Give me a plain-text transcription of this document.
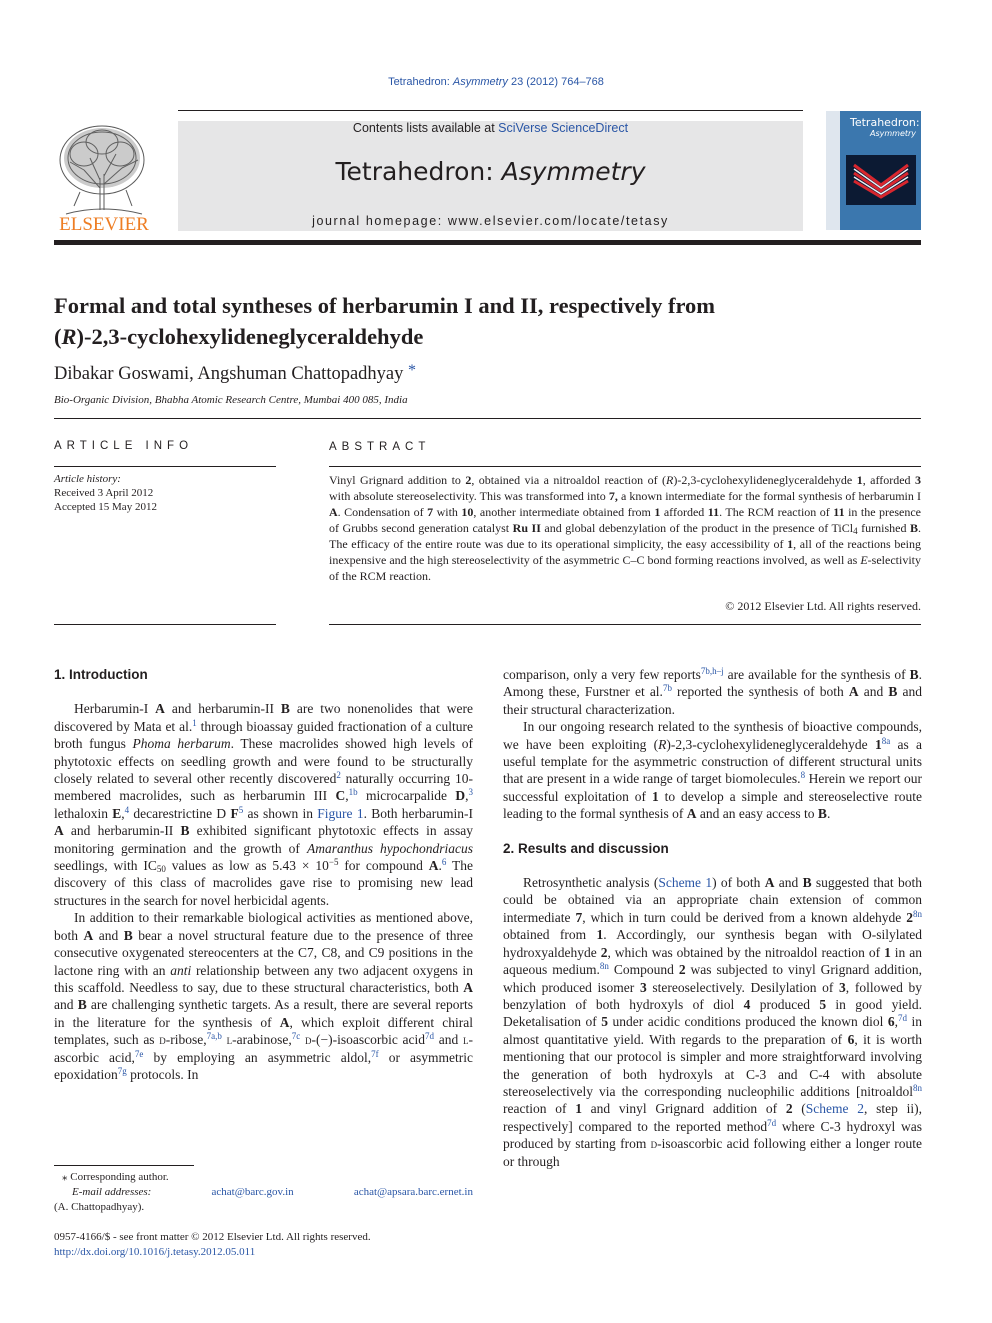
Tetrahedron: Asymmetry 23 (2012) 764–768
ELSEVIER
Contents lists available at SciVerse ScienceDirect
Tetrahedron: Asymmetry
journal homepage: www.elsevier.com/locate/tetasy
Tetrahedron:
Asymmetry
Formal and total syntheses of herbarumin I and II, respectively from
(R)-2,3-cyclohexylideneglyceraldehyde
Dibakar Goswami, Angshuman Chattopadhyay *
Bio-Organic Division, Bhabha Atomic Research Centre, Mumbai 400 085, India
ARTICLE INFO	ABSTRACT
Article history:
Received 3 April 2012
Accepted 15 May 2012
Vinyl Grignard addition to 2, obtained via a nitroaldol reaction of (R)-2,3-cyclohexylideneglyceraldehyde 1, afforded 3 with absolute stereoselectivity. This was transformed into 7, a known intermediate for the formal synthesis of herbarumin I A. Condensation of 7 with 10, another intermediate obtained from 1 afforded 11. The RCM reaction of 11 in the presence of Grubbs second generation catalyst Ru II and global debenzylation of the product in the presence of TiCl$_4$ furnished B. The efficacy of the entire route was due to its operational simplicity, the easy accessibility of 1, all of the reactions being inexpensive and the high stereoselectivity of the asymmetric C–C bond forming reactions involved, as well as E-selectivity of the RCM reaction.
© 2012 Elsevier Ltd. All rights reserved.
1. Introduction

Herbarumin-I A and herbarumin-II B are two nonenolides that were discovered by Mata et al.$^1$ through bioassay guided fractionation of a culture broth fungus Phoma herbarum. These macrolides showed high levels of phytotoxic effects on seedling growth and were found to be structurally closely related to several other recently discovered$^2$ naturally occurring 10-membered macrolides, such as herbarumin III C,$^{1b}$ microcarpalide D,$^3$ lethaloxin E,$^4$ decarestrictine D $F^5$ as shown in Figure 1. Both herbarumin-I A and herbarumin-II B exhibited significant phytotoxic effects in assay monitoring germination and the growth of Amaranthus hypochondriacus seedlings, with $IC_{50}$ values as low as $5.43 \times 10^{-5}$ for compound A.$^6$ The discovery of this class of macrolides gave rise to promising new lead structures in the search for novel herbicidal agents.

In addition to their remarkable biological activities as mentioned above, both A and B bear a novel structural feature due to the presence of three consecutive oxygenated stereocenters at the C7, C8, and C9 positions in the lactone ring with an anti relationship between any two adjacent oxygens in this scaffold. Needless to say, due to these structural characteristics, both A and B are challenging synthetic targets. As a result, there are several reports in the literature for the synthesis of A, which exploit different chiral templates, such as d-ribose,$^{7a,b}$ l-arabinose,$^{7c}$ d-(−)-isoascorbic acid$^{7d}$ and l-ascorbic acid,$^{7e}$ by employing an asymmetric aldol,$^{7f}$ or asymmetric epoxidation$^{7g}$ protocols. In

comparison, only a very few reports$^{7b,h-j}$ are available for the synthesis of B. Among these, Furstner et al.$^{7b}$ reported the synthesis of both A and B and their structural characterization.

In our ongoing research related to the synthesis of bioactive compounds, we have been exploiting (R)-2,3-cyclohexylideneglyceraldehyde $1^{8a}$ as a useful template for the asymmetric construction of different structural units that are present in a wide range of target biomolecules.$^8$ Herein we report our successful exploitation of 1 to develop a simple and stereoselective route leading to the formal synthesis of A and an easy access to B.

2. Results and discussion

Retrosynthetic analysis (Scheme 1) of both A and B suggested that both could be obtained via an appropriate chain extension of common intermediate 7, which in turn could be derived from a known aldehyde $2^{8n}$ obtained from 1. Accordingly, our synthesis began with O-silylated hydroxyaldehyde 2, which was obtained by the nitroaldol reaction of 1 in an aqueous medium.$^{8n}$ Compound 2 was subjected to vinyl Grignard addition, which produced isomer 3 stereoselectively. Desilylation of 3, followed by benzylation of both hydroxyls of diol 4 produced 5 in good yield. Deketalisation of 5 under acidic conditions produced the known diol 6,$^{7d}$ in almost quantitative yield. With regards to the preparation of 6, it is worth mentioning that our protocol is simpler and more straightforward involving the generation of both hydroxyls at C-3 and C-4 with absolute stereoselectively via the corresponding nucleophilic additions [nitroaldol$^{8n}$ reaction of 1 and vinyl Grignard addition of 2 (Scheme 2, step ii), respectively] compared to the reported method$^{7d}$ where C-3 hydroxyl was produced by starting from d-isoascorbic acid following either a longer route or through

⁎ Corresponding author.
E-mail addresses:	achat@barc.gov.in	achat@apsara.barc.ernet.in
(A. Chattopadhyay).
0957-4166/$ - see front matter © 2012 Elsevier Ltd. All rights reserved.
http://dx.doi.org/10.1016/j.tetasy.2012.05.011
